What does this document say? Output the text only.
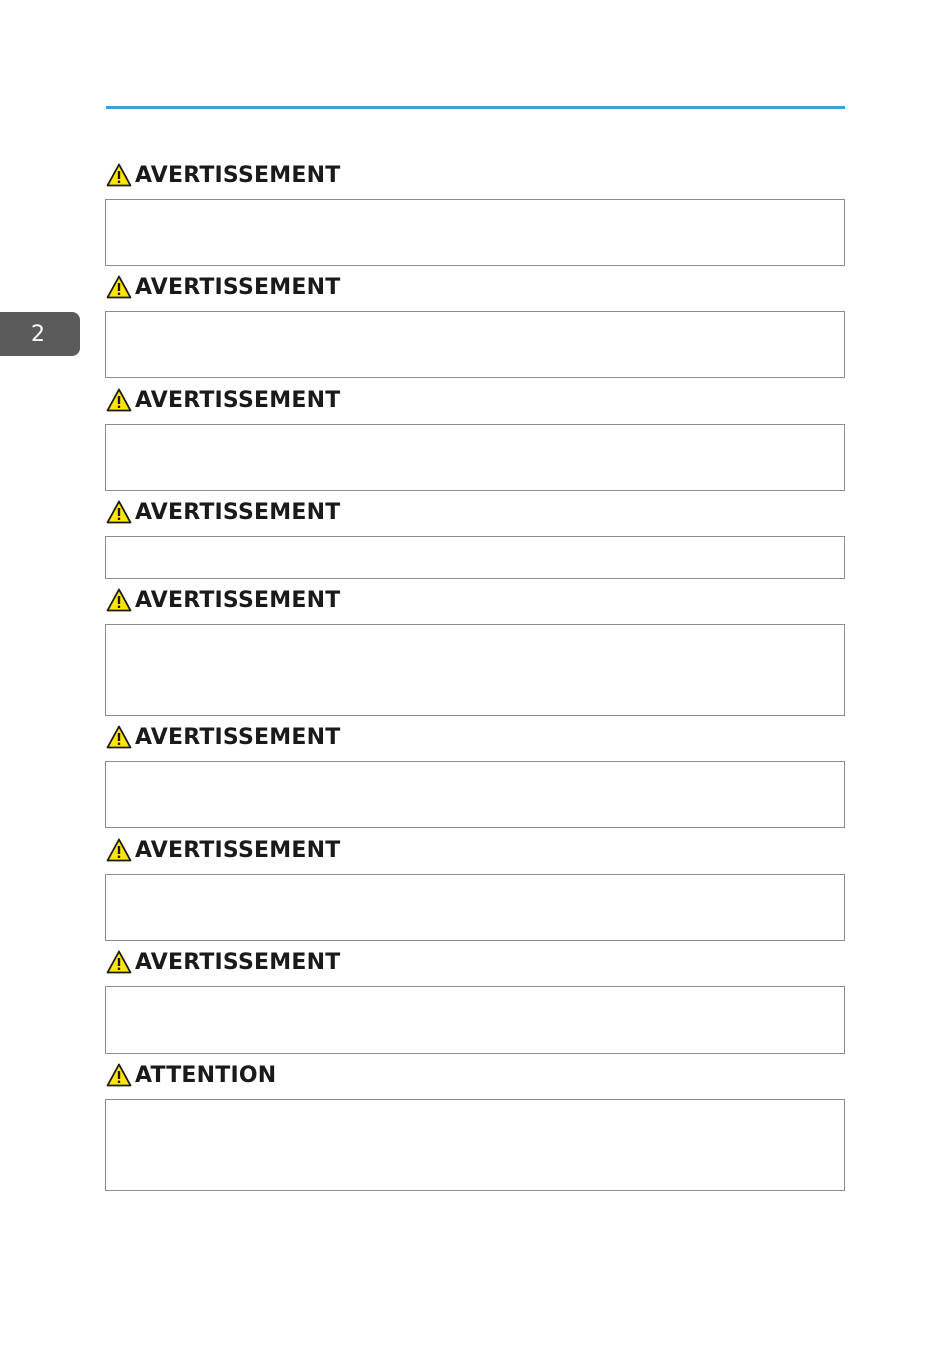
2
AVERTISSEMENT
AVERTISSEMENT
AVERTISSEMENT
AVERTISSEMENT
AVERTISSEMENT
AVERTISSEMENT
AVERTISSEMENT
AVERTISSEMENT
ATTENTION
